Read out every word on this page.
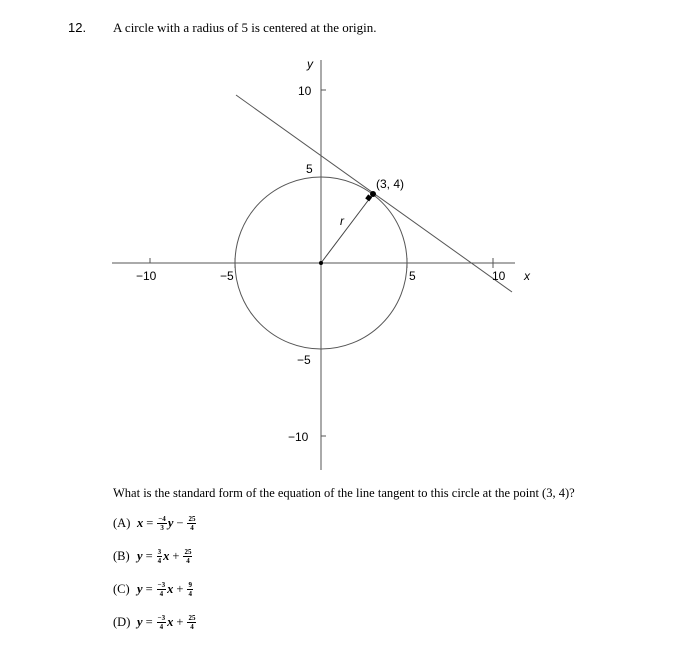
12. A circle with a radius of 5 is centered at the origin.
y
x
−10	−5	5	10
10
5
−5
−10
(3, 4)
r
What is the standard form of the equation of the line tangent to this circle at the point (3, 4)?
(A) $x = \frac{-4}{3}$ $y - \frac{25}{4}$
(B) $y = \frac{3}{4}$ $x + \frac{25}{4}$
(C) $y = \frac{-3}{4}$ $x + \frac{9}{4}$
(D) $y = \frac{-3}{4}$ $x + \frac{25}{4}$
